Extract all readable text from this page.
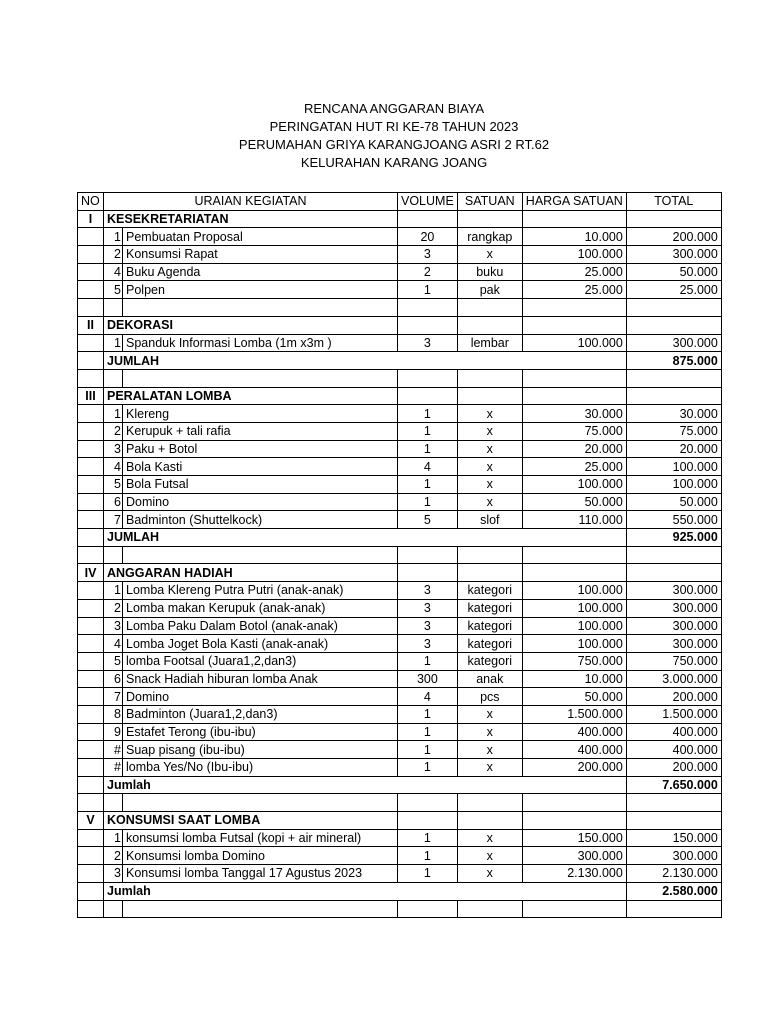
RENCANA ANGGARAN BIAYA
PERINGATAN HUT RI KE-78 TAHUN 2023
PERUMAHAN GRIYA KARANGJOANG ASRI 2 RT.62
KELURAHAN KARANG JOANG
NO	URAIAN KEGIATAN		VOLUME	SATUAN	HARGA SATUAN	TOTAL
I	KESEKRETARIATAN					
	1	Pembuatan Proposal	20	rangkap	10.000	200.000
	2	Konsumsi Rapat	3	x	100.000	300.000
	4	Buku Agenda	2	buku	25.000	50.000
	5	Polpen	1	pak	25.000	25.000

II	DEKORASI					
	1	Spanduk Informasi Lomba (1m x3m )	3	lembar	100.000	300.000
	JUMLAH					875.000

III	PERALATAN LOMBA					
	1	Klereng	1	x	30.000	30.000
	2	Kerupuk + tali rafia	1	x	75.000	75.000
	3	Paku + Botol	1	x	20.000	20.000
	4	Bola Kasti	4	x	25.000	100.000
	5	Bola Futsal	1	x	100.000	100.000
	6	Domino	1	x	50.000	50.000
	7	Badminton (Shuttelkock)	5	slof	110.000	550.000
	JUMLAH					925.000

IV	ANGGARAN HADIAH					
	1	Lomba Klereng Putra Putri (anak-anak)	3	kategori	100.000	300.000
	2	Lomba makan Kerupuk (anak-anak)	3	kategori	100.000	300.000
	3	Lomba Paku Dalam Botol (anak-anak)	3	kategori	100.000	300.000
	4	Lomba Joget Bola Kasti (anak-anak)	3	kategori	100.000	300.000
	5	lomba Footsal (Juara1,2,dan3)	1	kategori	750.000	750.000
	6	Snack Hadiah hiburan lomba Anak	300	anak	10.000	3.000.000
	7	Domino	4	pcs	50.000	200.000
	8	Badminton (Juara1,2,dan3)	1	x	1.500.000	1.500.000
	9	Estafet Terong (ibu-ibu)	1	x	400.000	400.000
	#	Suap pisang (ibu-ibu)	1	x	400.000	400.000
	#	lomba Yes/No (Ibu-ibu)	1	x	200.000	200.000
	Jumlah					7.650.000

V	KONSUMSI SAAT LOMBA					
	1	konsumsi lomba Futsal (kopi + air mineral)	1	x	150.000	150.000
	2	Konsumsi lomba Domino	1	x	300.000	300.000
	3	Konsumsi lomba Tanggal 17 Agustus 2023	1	x	2.130.000	2.130.000
	Jumlah					2.580.000
